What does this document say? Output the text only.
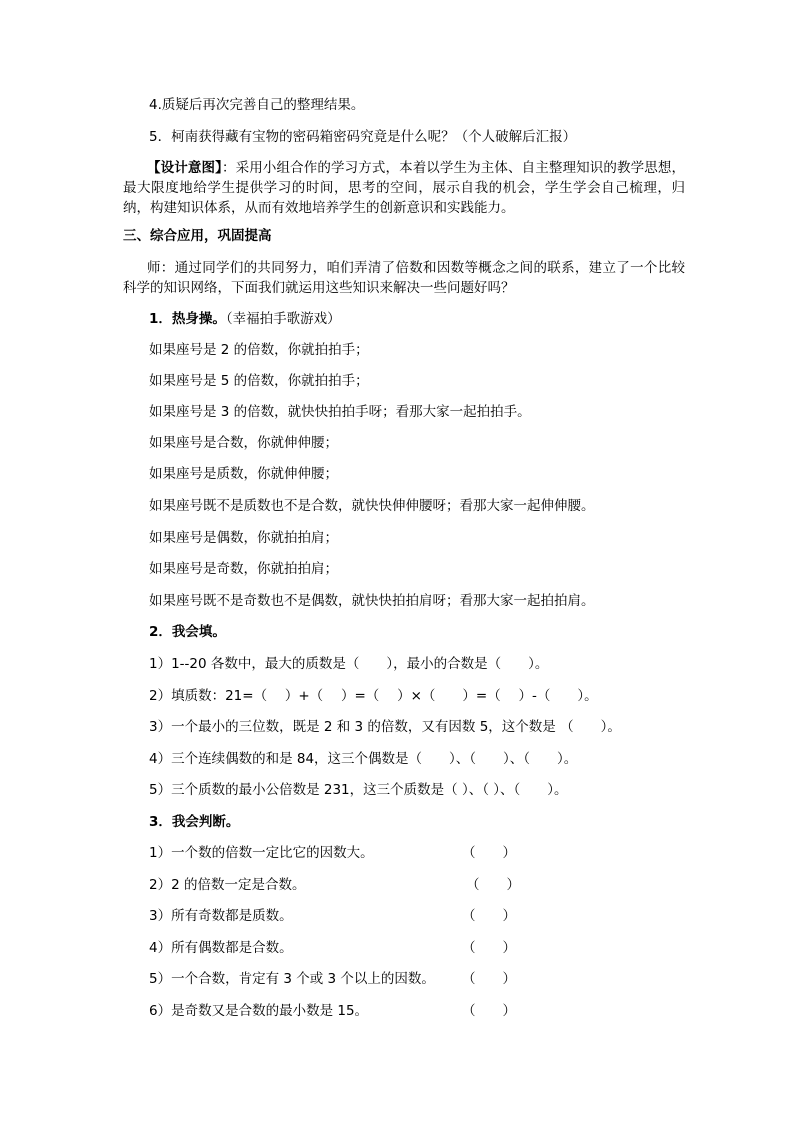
4.质疑后再次完善自己的整理结果。
5．柯南获得藏有宝物的密码箱密码究竟是什么呢？（个人破解后汇报）
【设计意图】：采用小组合作的学习方式，本着以学生为主体、自主整理知识的教学思想，最大限度地给学生提供学习的时间，思考的空间，展示自我的机会，学生学会自己梳理，归纳，构建知识体系，从而有效地培养学生的创新意识和实践能力。
三、综合应用，巩固提高
师：通过同学们的共同努力，咱们弄清了倍数和因数等概念之间的联系，建立了一个比较科学的知识网络，下面我们就运用这些知识来解决一些问题好吗？
1．热身操。（幸福拍手歌游戏）
如果座号是 2 的倍数，你就拍拍手；
如果座号是 5 的倍数，你就拍拍手；
如果座号是 3 的倍数，就快快拍拍手呀；看那大家一起拍拍手。
如果座号是合数，你就伸伸腰；
如果座号是质数，你就伸伸腰；
如果座号既不是质数也不是合数，就快快伸伸腰呀；看那大家一起伸伸腰。
如果座号是偶数，你就拍拍肩；
如果座号是奇数，你就拍拍肩；
如果座号既不是奇数也不是偶数，就快快拍拍肩呀；看那大家一起拍拍肩。
2．我会填。
1）1--20 各数中，最大的质数是（　　），最小的合数是（　　）。
2）填质数：21=（　 ）+（　 ）=（　 ）×（　　）=（　 ）-（　　）。
3）一个最小的三位数，既是 2 和 3 的倍数，又有因数 5，这个数是 （　　）。
4）三个连续偶数的和是 84，这三个偶数是（　　）、（　　）、（　　）。
5）三个质数的最小公倍数是 231，这三个质数是（ ）、（ ）、（　　）。
3．我会判断。
1）一个数的倍数一定比它的因数大。	（　　）
2）2 的倍数一定是合数。	（　　）
3）所有奇数都是质数。	（　　）
4）所有偶数都是合数。	（　　）
5）一个合数，肯定有 3 个或 3 个以上的因数。 （　　）
6）是奇数又是合数的最小数是 15。	（　　）
